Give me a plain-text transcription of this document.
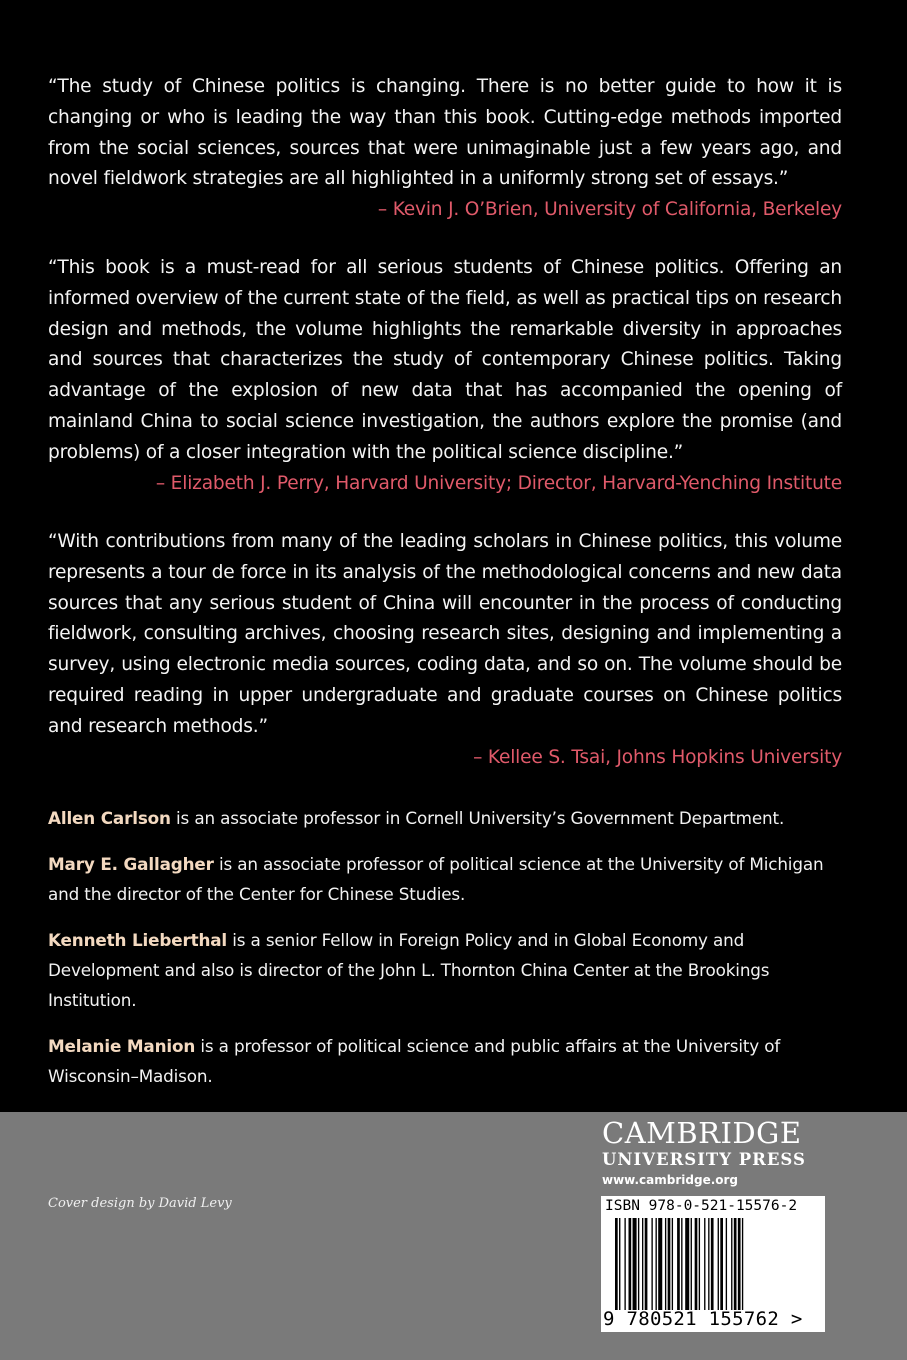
“The study of Chinese politics is changing. There is no better guide to how it is changing or who is leading the way than this book. Cutting-edge methods imported from the social sciences, sources that were unimaginable just a few years ago, and novel fieldwork strategies are all highlighted in a uniformly strong set of essays.”

– Kevin J. O’Brien, University of California, Berkeley

“This book is a must-read for all serious students of Chinese politics. Offering an informed overview of the current state of the field, as well as practical tips on research design and methods, the volume highlights the remarkable diversity in approaches and sources that characterizes the study of contemporary Chinese politics. Taking advantage of the explosion of new data that has accompanied the opening of mainland China to social science investigation, the authors explore the promise (and problems) of a closer integration with the political science discipline.”

– Elizabeth J. Perry, Harvard University; Director, Harvard-Yenching Institute

“With contributions from many of the leading scholars in Chinese politics, this volume represents a tour de force in its analysis of the methodological concerns and new data sources that any serious student of China will encounter in the process of conducting fieldwork, consulting archives, choosing research sites, designing and implementing a survey, using electronic media sources, coding data, and so on. The volume should be required reading in upper undergraduate and graduate courses on Chinese politics and research methods.”

– Kellee S. Tsai, Johns Hopkins University

Allen Carlson is an associate professor in Cornell University’s Government Department.

Mary E. Gallagher is an associate professor of political science at the University of Michigan and the director of the Center for Chinese Studies.

Kenneth Lieberthal is a senior Fellow in Foreign Policy and in Global Economy and Development and also is director of the John L. Thornton China Center at the Brookings Institution.

Melanie Manion is a professor of political science and public affairs at the University of Wisconsin–Madison.

Cover design by David Levy
CAMBRIDGE
UNIVERSITY PRESS
www.cambridge.org
ISBN 978-0-521-15576-2
9 780521 155762 >
